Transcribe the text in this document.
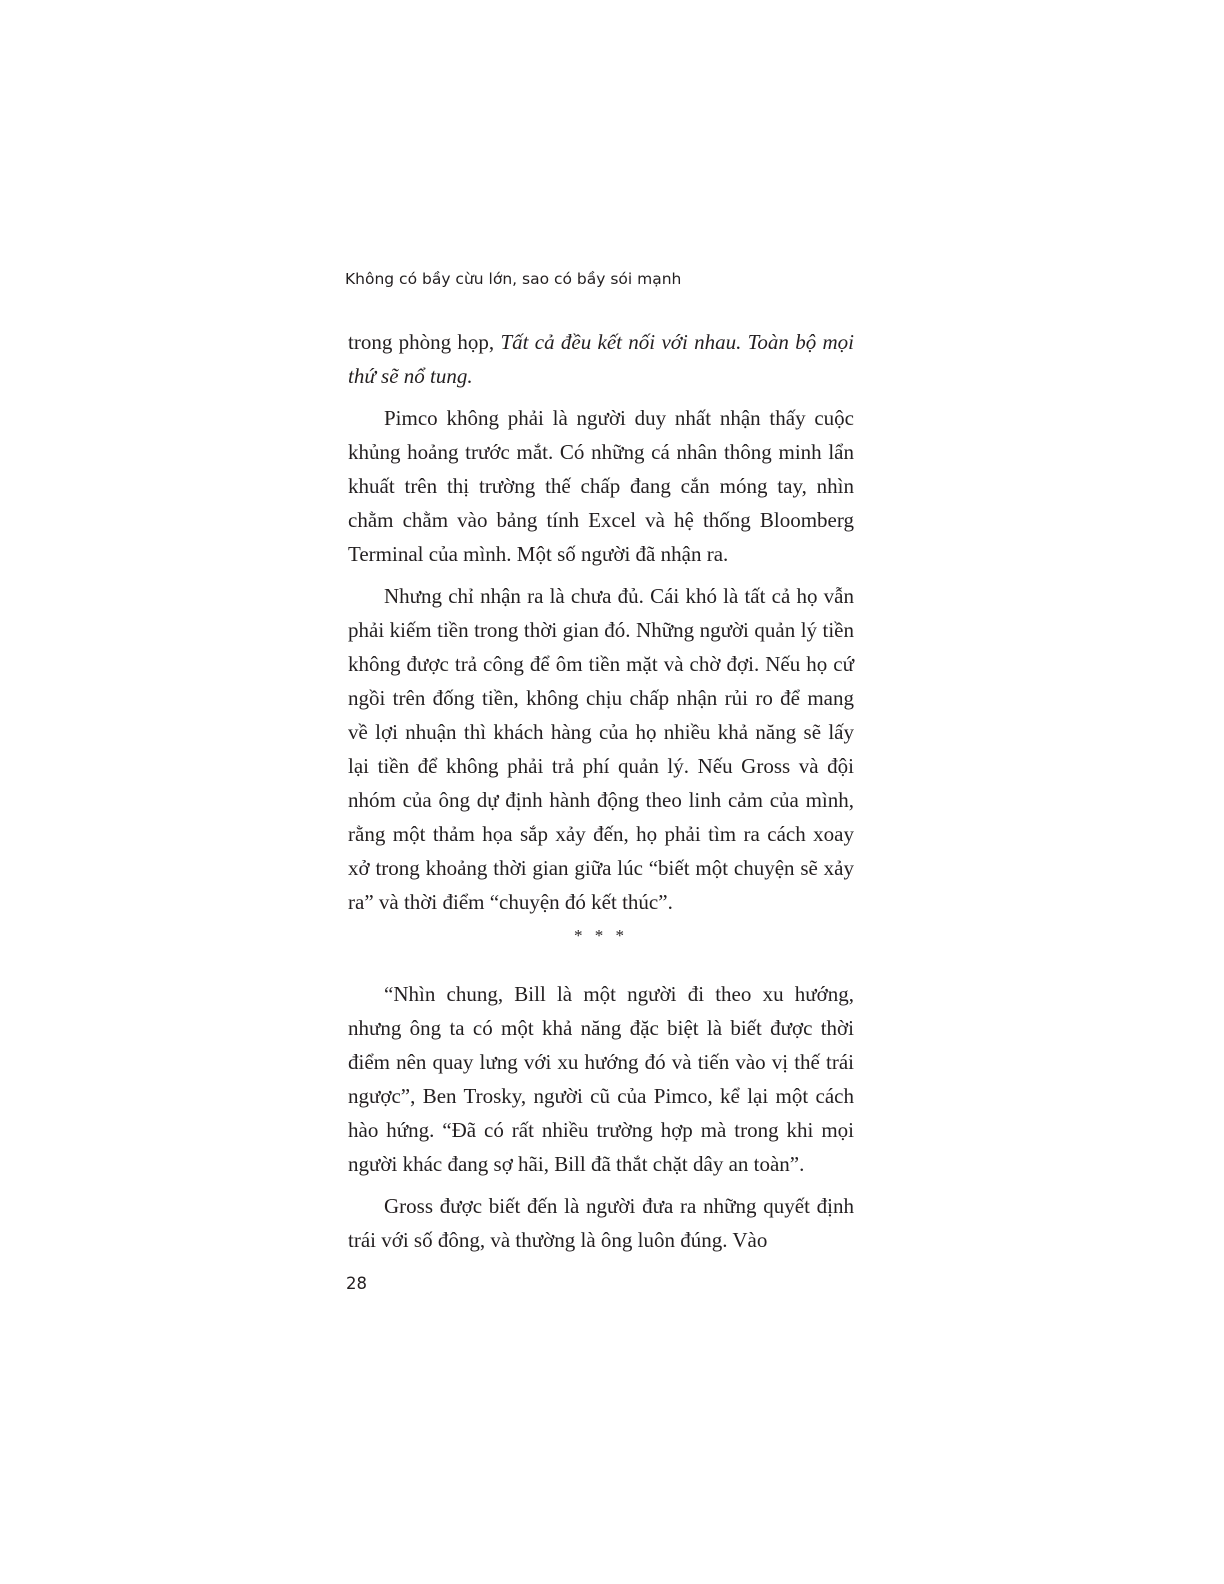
Không có bầy cừu lớn, sao có bầy sói mạnh

trong phòng họp, Tất cả đều kết nối với nhau. Toàn bộ mọi thứ sẽ nổ tung.

Pimco không phải là người duy nhất nhận thấy cuộc khủng hoảng trước mắt. Có những cá nhân thông minh lẩn khuất trên thị trường thế chấp đang cắn móng tay, nhìn chằm chằm vào bảng tính Excel và hệ thống Bloomberg Terminal của mình. Một số người đã nhận ra.

Nhưng chỉ nhận ra là chưa đủ. Cái khó là tất cả họ vẫn phải kiếm tiền trong thời gian đó. Những người quản lý tiền không được trả công để ôm tiền mặt và chờ đợi. Nếu họ cứ ngồi trên đống tiền, không chịu chấp nhận rủi ro để mang về lợi nhuận thì khách hàng của họ nhiều khả năng sẽ lấy lại tiền để không phải trả phí quản lý. Nếu Gross và đội nhóm của ông dự định hành động theo linh cảm của mình, rằng một thảm họa sắp xảy đến, họ phải tìm ra cách xoay xở trong khoảng thời gian giữa lúc “biết một chuyện sẽ xảy ra” và thời điểm “chuyện đó kết thúc”.

* * *

“Nhìn chung, Bill là một người đi theo xu hướng, nhưng ông ta có một khả năng đặc biệt là biết được thời điểm nên quay lưng với xu hướng đó và tiến vào vị thế trái ngược”, Ben Trosky, người cũ của Pimco, kể lại một cách hào hứng. “Đã có rất nhiều trường hợp mà trong khi mọi người khác đang sợ hãi, Bill đã thắt chặt dây an toàn”.

Gross được biết đến là người đưa ra những quyết định trái với số đông, và thường là ông luôn đúng. Vào

28
